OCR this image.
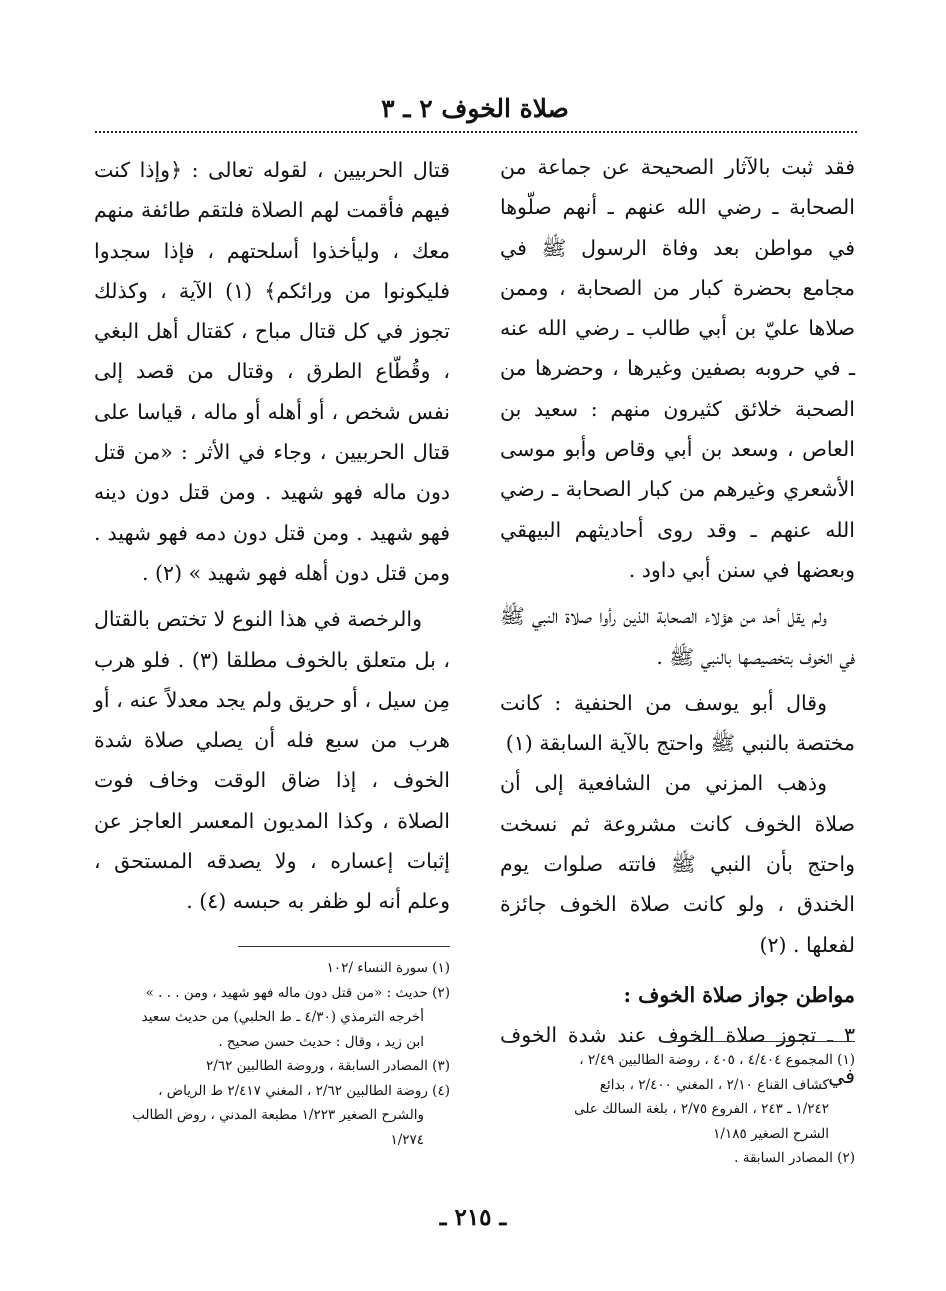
صلاة الخوف ٢ ـ ٣

فقد ثبت بالآثار الصحيحة عن جماعة من الصحابة ـ رضي الله عنهم ـ أنهم صلّوها في مواطن بعد وفاة الرسول ﷺ في مجامع بحضرة كبار من الصحابة ، وممن صلاها عليّ بن أبي طالب ـ رضي الله عنه ـ في حروبه بصفين وغيرها ، وحضرها من الصحبة خلائق كثيرون منهم : سعيد بن العاص ، وسعد بن أبي وقاص وأبو موسى الأشعري وغيرهم من كبار الصحابة ـ رضي الله عنهم ـ وقد روى أحاديثهم البيهقي وبعضها في سنن أبي داود .

ولم يقل أحد من هؤلاء الصحابة الذين رأوا صلاة النبي ﷺ في الخوف بتخصيصها بالنبي ﷺ .

وقال أبو يوسف من الحنفية : كانت مختصة بالنبي ﷺ واحتج بالآية السابقة (١)

وذهب المزني من الشافعية إلى أن صلاة الخوف كانت مشروعة ثم نسخت واحتج بأن النبي ﷺ فاتته صلوات يوم الخندق ، ولو كانت صلاة الخوف جائزة لفعلها . (٢)

مواطن جواز صلاة الخوف :

٣ ـ تجوز صلاة الخوف عند شدة الخوف في

قتال الحربيين ، لقوله تعالى : ﴿وإذا كنت فيهم فأقمت لهم الصلاة فلتقم طائفة منهم معك ، وليأخذوا أسلحتهم ، فإذا سجدوا فليكونوا من ورائكم﴾ (١) الآية ، وكذلك تجوز في كل قتال مباح ، كقتال أهل البغي ، وقُطّاع الطرق ، وقتال من قصد إلى نفس شخص ، أو أهله أو ماله ، قياسا على قتال الحربيين ، وجاء في الأثر : «من قتل دون ماله فهو شهيد . ومن قتل دون دينه فهو شهيد . ومن قتل دون دمه فهو شهيد . ومن قتل دون أهله فهو شهيد » (٢) .

والرخصة في هذا النوع لا تختص بالقتال ، بل متعلق بالخوف مطلقا (٣) . فلو هرب مِن سيل ، أو حريق ولم يجد معدلاً عنه ، أو هرب من سبع فله أن يصلي صلاة شدة الخوف ، إذا ضاق الوقت وخاف فوت الصلاة ، وكذا المديون المعسر العاجز عن إثبات إعساره ، ولا يصدقه المستحق ، وعلم أنه لو ظفر به حبسه (٤) .

(١) سورة النساء /١٠٢

(٢) حديث : «من قتل دون ماله فهو شهيد ، ومن . . . »

أخرجه الترمذي (٤/٣٠ ـ ط الحلبي) من حديث سعيد

ابن زيد ، وقال : حديث حسن صحيح .

(٣) المصادر السابقة ، وروضة الطالبين ٢/٦٢

(٤) روضة الطالبين ٢/٦٢ ، المغني ٢/٤١٧ ط الرياض ،

والشرح الصغير ١/٢٢٣ مطبعة المدني ، روض الطالب

١/٢٧٤

(١) المجموع ٤/٤٠٤ ، ٤٠٥ ، روضة الطالبين ٢/٤٩ ،

كشاف القناع ٢/١٠ ، المغني ٢/٤٠٠ ، بدائع

١/٢٤٢ ـ ٢٤٣ ، الفروع ٢/٧٥ ، بلغة السالك على

الشرح الصغير ١/١٨٥

(٢) المصادر السابقة .

ـ ٢١٥ ـ
